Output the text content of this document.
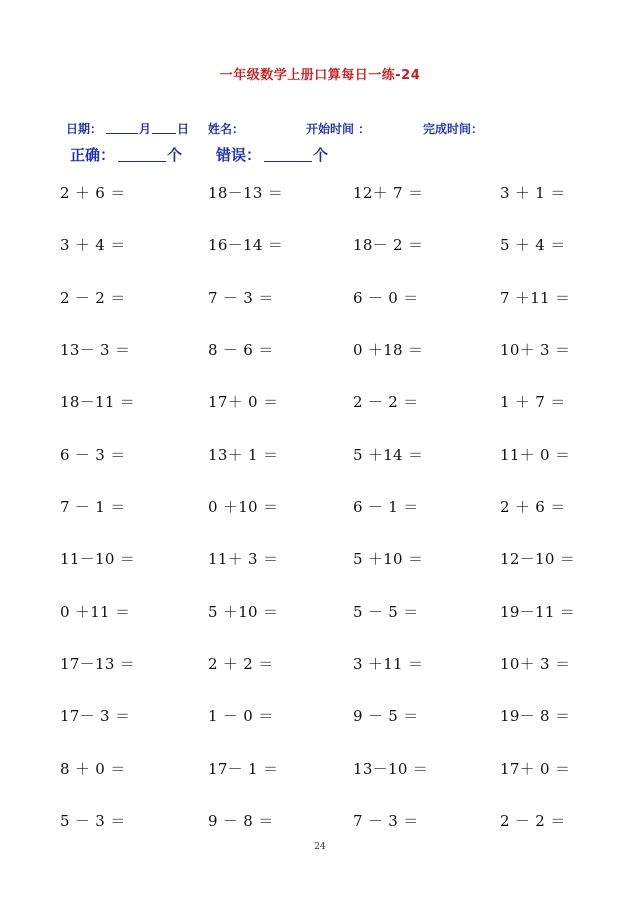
一年级数学上册口算每日一练-24
日期：	月 日 姓名：	开始时间 ：	完成时间：
正确：	个 错误：	个
2 ＋ 6 ＝	18－13 ＝	12＋ 7 ＝	3 ＋ 1 ＝
3 ＋ 4 ＝	16－14 ＝	18－ 2 ＝	5 ＋ 4 ＝
2 － 2 ＝	7 － 3 ＝	6 － 0 ＝	7 ＋11 ＝
13－ 3 ＝	8 － 6 ＝	0 ＋18 ＝	10＋ 3 ＝
18－11 ＝	17＋ 0 ＝	2 － 2 ＝	1 ＋ 7 ＝
6 － 3 ＝	13＋ 1 ＝	5 ＋14 ＝	11＋ 0 ＝
7 － 1 ＝	0 ＋10 ＝	6 － 1 ＝	2 ＋ 6 ＝
11－10 ＝	11＋ 3 ＝	5 ＋10 ＝	12－10 ＝
0 ＋11 ＝	5 ＋10 ＝	5 － 5 ＝	19－11 ＝
17－13 ＝	2 ＋ 2 ＝	3 ＋11 ＝	10＋ 3 ＝
17－ 3 ＝	1 － 0 ＝	9 － 5 ＝	19－ 8 ＝
8 ＋ 0 ＝	17－ 1 ＝	13－10 ＝	17＋ 0 ＝
5 － 3 ＝	9 － 8 ＝	7 － 3 ＝	2 － 2 ＝
24
